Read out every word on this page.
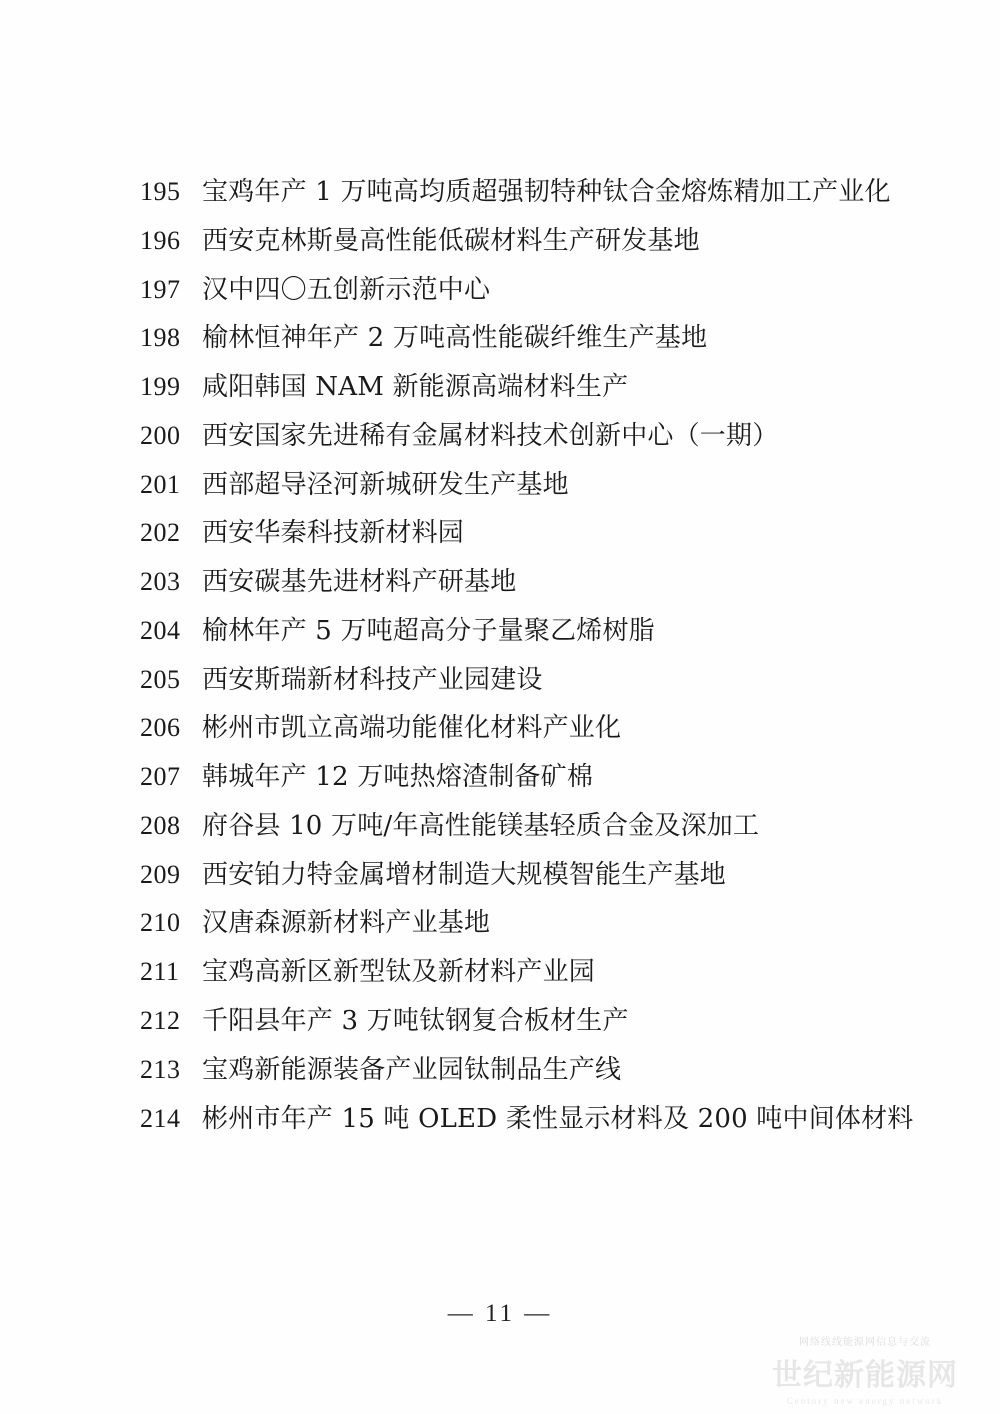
195 宝鸡年产 1 万吨高均质超强韧特种钛合金熔炼精加工产业化
196 西安克林斯曼高性能低碳材料生产研发基地
197 汉中四〇五创新示范中心
198 榆林恒神年产 2 万吨高性能碳纤维生产基地
199 咸阳韩国 NAM 新能源高端材料生产
200 西安国家先进稀有金属材料技术创新中心（一期）
201 西部超导泾河新城研发生产基地
202 西安华秦科技新材料园
203 西安碳基先进材料产研基地
204 榆林年产 5 万吨超高分子量聚乙烯树脂
205 西安斯瑞新材科技产业园建设
206 彬州市凯立高端功能催化材料产业化
207 韩城年产 12 万吨热熔渣制备矿棉
208 府谷县 10 万吨/年高性能镁基轻质合金及深加工
209 西安铂力特金属增材制造大规模智能生产基地
210 汉唐森源新材料产业基地
211 宝鸡高新区新型钛及新材料产业园
212 千阳县年产 3 万吨钛钢复合板材生产
213 宝鸡新能源装备产业园钛制品生产线
214 彬州市年产 15 吨 OLED 柔性显示材料及 200 吨中间体材料
— 11 —
网络线线能源网信息与交流
世纪新能源网
Century new energy network
